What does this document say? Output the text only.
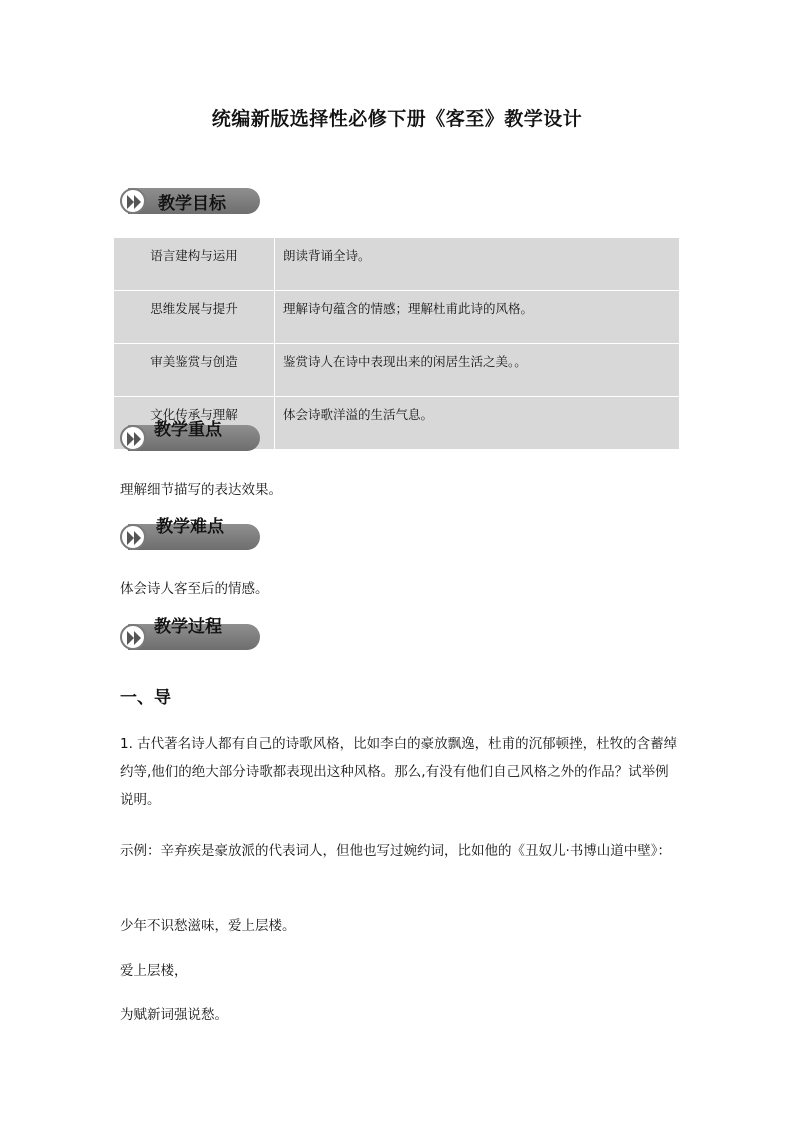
统编新版选择性必修下册《客至》教学设计
教学目标
语言建构与运用	朗读背诵全诗。
思维发展与提升	理解诗句蕴含的情感；理解杜甫此诗的风格。
审美鉴赏与创造	鉴赏诗人在诗中表现出来的闲居生活之美。。
文化传承与理解	体会诗歌洋溢的生活气息。
教学重点
理解细节描写的表达效果。
教学难点
体会诗人客至后的情感。
教学过程
一、导
1. 古代著名诗人都有自己的诗歌风格，比如李白的豪放飘逸，杜甫的沉郁顿挫，杜牧的含蓄绰约等,他们的绝大部分诗歌都表现出这种风格。那么,有没有他们自己风格之外的作品？试举例说明。
示例：辛弃疾是豪放派的代表词人，但他也写过婉约词，比如他的《丑奴儿·书博山道中壁》：
少年不识愁滋味，爱上层楼。
爱上层楼，
为赋新词强说愁。
